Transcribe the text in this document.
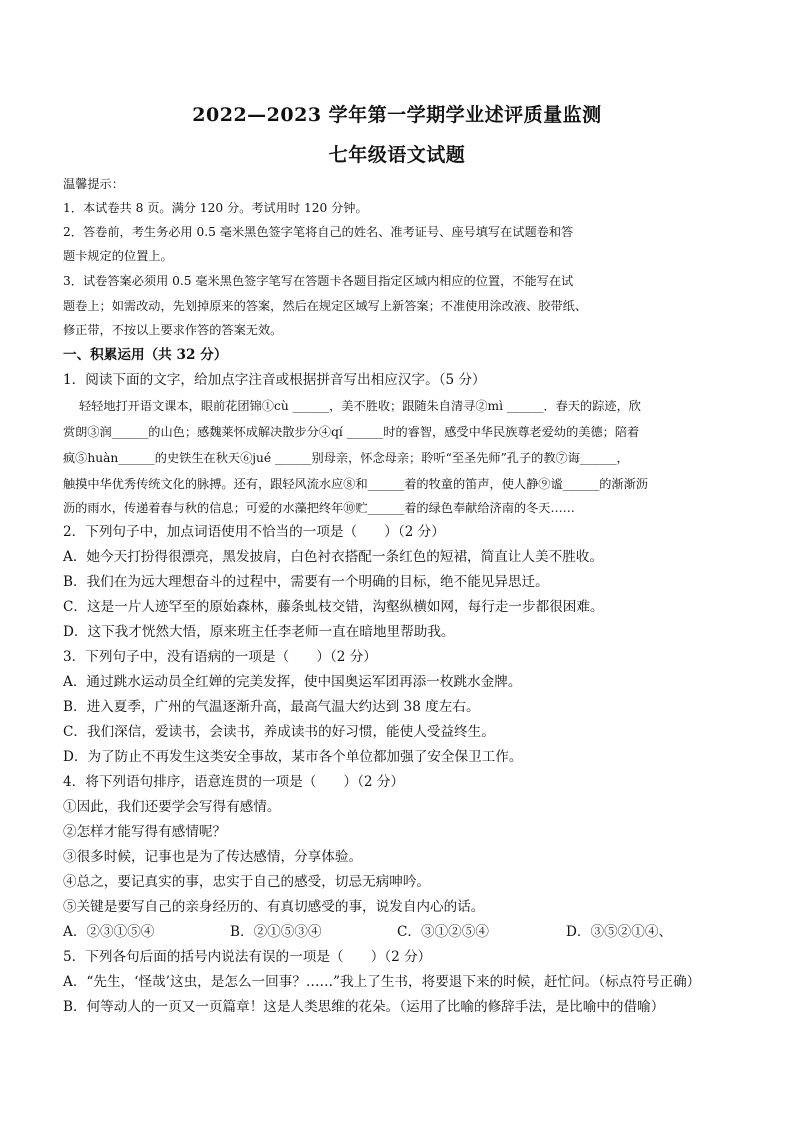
2022—2023 学年第一学期学业述评质量监测
七年级语文试题
温馨提示：
1．本试卷共 8 页。满分 120 分。考试用时 120 分钟。
2．答卷前，考生务必用 0.5 毫米黑色签字笔将自己的姓名、准考证号、座号填写在试题卷和答
题卡规定的位置上。
3．试卷答案必须用 0.5 毫米黑色签字笔写在答题卡各题目指定区域内相应的位置，不能写在试
题卷上；如需改动，先划掉原来的答案，然后在规定区域写上新答案；不准使用涂改液、胶带纸、
修正带，不按以上要求作答的答案无效。
一、积累运用（共 32 分）
1．阅读下面的文字，给加点字注音或根据拼音写出相应汉字。（5 分）
轻轻地打开语文课本，眼前花团锦①cù ______，美不胜收；跟随朱自清寻②mì ______．春天的踪迹，欣
赏朗③润______的山色；感魏莱怀成解决散步分④qí ______时的睿智，感受中华民族尊老爱幼的美德；陪着
疯⑤huàn______的史铁生在秋天⑥jué ______别母亲，怀念母亲；聆听“至圣先师”孔子的教⑦诲______，
触摸中华优秀传统文化的脉搏。还有，跟轻风流水应⑧和______着的牧童的笛声，使人静⑨谧______的渐渐沥
沥的雨水，传递着春与秋的信息；可爱的水藻把终年⑩贮______着的绿色奉献给济南的冬天……
2．下列句子中，加点词语使用不恰当的一项是（　　）（2 分）
A．她今天打扮得很漂亮，黑发披肩，白色衬衣搭配一条红色的短裙，简直让人美不胜收。
B．我们在为远大理想奋斗的过程中，需要有一个明确的目标，绝不能见异思迁。
C．这是一片人迹罕至的原始森林，藤条虬枝交错，沟壑纵横如网，每行走一步都很困难。
D．这下我才恍然大悟，原来班主任李老师一直在暗地里帮助我。
3．下列句子中，没有语病的一项是（　　）（2 分）
A．通过跳水运动员全红婵的完美发挥，使中国奥运军团再添一枚跳水金牌。
B．进入夏季，广州的气温逐渐升高，最高气温大约达到 38 度左右。
C．我们深信，爱读书，会读书，养成读书的好习惯，能使人受益终生。
D．为了防止不再发生这类安全事故，某市各个单位都加强了安全保卫工作。
4．将下列语句排序，语意连贯的一项是（　　）（2 分）
①因此，我们还要学会写得有感情。
②怎样才能写得有感情呢？
③很多时候，记事也是为了传达感情，分享体验。
④总之，要记真实的事，忠实于自己的感受，切忌无病呻吟。
⑤关键是要写自己的亲身经历的、有真切感受的事，说发自内心的话。
A．②③①⑤④	B．②①⑤③④	C．③①②⑤④	D．③⑤②①④、
5．下列各句后面的括号内说法有误的一项是（　　）（2 分）
A．“先生，‘怪哉’这虫，是怎么一回事？……”我上了生书，将要退下来的时候，赶忙问。（标点符号正确）
B．何等动人的一页又一页篇章！这是人类思维的花朵。（运用了比喻的修辞手法，是比喻中的借喻）
